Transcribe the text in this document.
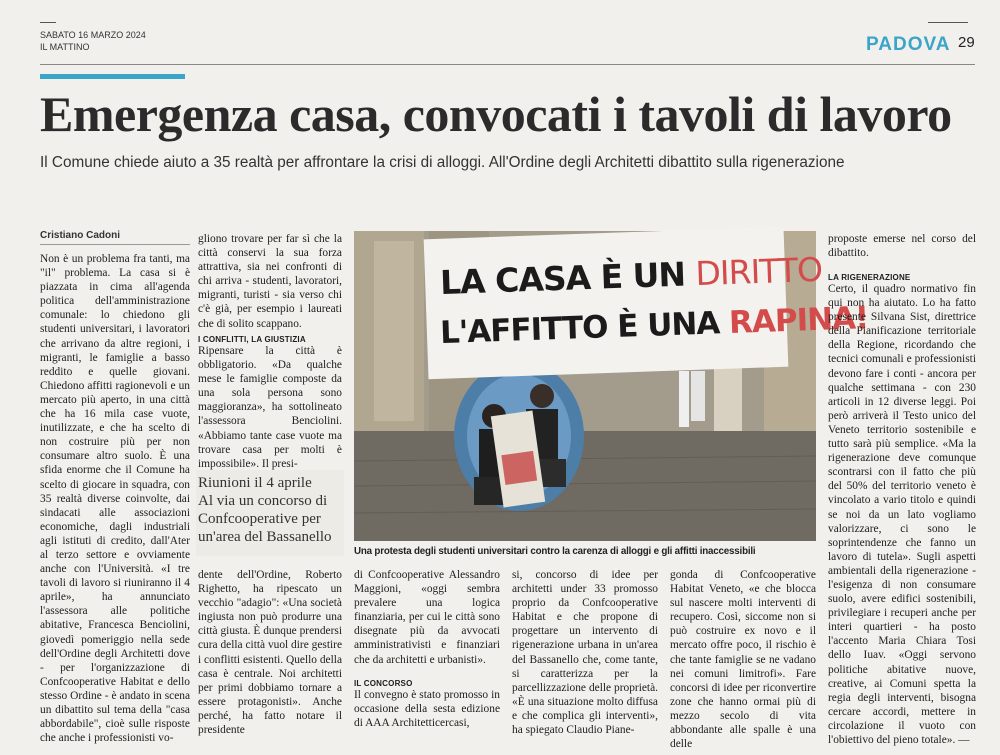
SABATO 16 MARZO 2024
IL MATTINO	PADOVA 29
Emergenza casa, convocati i tavoli di lavoro
Il Comune chiede aiuto a 35 realtà per affrontare la crisi di alloggi. All'Ordine degli Architetti dibattito sulla rigenerazione
Cristiano Cadoni

Non è un problema fra tanti, ma "il" problema. La casa si è piazzata in cima all'agenda politica dell'amministrazione comunale: lo chiedono gli studenti universitari, i lavoratori che arrivano da altre regioni, i migranti, le famiglie a basso reddito e quelle giovani. Chiedono affitti ragionevoli e un mercato più aperto, in una città che ha 16 mila case vuote, inutilizzate, e che ha scelto di non costruire più per non consumare altro suolo. È una sfida enorme che il Comune ha scelto di giocare in squadra, con 35 realtà diverse coinvolte, dai sindacati alle associazioni economiche, dagli industriali agli istituti di credito, dall'Ater al terzo settore e ovviamente anche con l'Università. «I tre tavoli di lavoro si riuniranno il 4 aprile», ha annunciato l'assessora alle politiche abitative, Francesca Benciolini, giovedì pomeriggio nella sede dell'Ordine degli Architetti dove - per l'organizzazione di Confcooperative Habitat e dello stesso Ordine - è andato in scena un dibattito sul tema della "casa abbordabile", cioè sulle risposte che anche i professionisti vo-

gliono trovare per far sì che la città conservi la sua forza attrattiva, sia nei confronti di chi arriva - studenti, lavoratori, migranti, turisti - sia verso chi c'è già, per esempio i laureati che di solito scappano.

I CONFLITTI, LA GIUSTIZIA

Ripensare la città è obbligatorio. «Da qualche mese le famiglie composte da una sola persona sono maggioranza», ha sottolineato l'assessora Benciolini. «Abbiamo tante case vuote ma trovare casa per molti è impossibile». Il presi-

Riunioni il 4 aprile
Al via un concorso di Confcooperative per un'area del Bassanello
LA CASA È UN DIRITTO
L'AFFITTO È UNA RAPINA!
Una protesta degli studenti universitari contro la carenza di alloggi e gli affitti inaccessibili

dente dell'Ordine, Roberto Righetto, ha ripescato un vecchio "adagio": «Una società ingiusta non può produrre una città giusta. È dunque prendersi cura della città vuol dire gestire i conflitti esistenti. Quello della casa è centrale. Noi architetti per primi dobbiamo tornare a essere protagonisti». Anche perché, ha fatto notare il presidente

di Confcooperative Alessandro Maggioni, «oggi sembra prevalere una logica finanziaria, per cui le città sono disegnate più da avvocati amministrativisti e finanziari che da architetti e urbanisti».

IL CONCORSO

Il convegno è stato promosso in occasione della sesta edizione di AAA Architetticercasi,

si, concorso di idee per architetti under 33 promosso proprio da Confcooperative Habitat e che propone di progettare un intervento di rigenerazione urbana in un'area del Bassanello che, come tante, si caratterizza per la parcellizzazione delle proprietà. «È una situazione molto diffusa e che complica gli interventi», ha spiegato Claudio Piane-

gonda di Confcooperative Habitat Veneto, «e che blocca sul nascere molti interventi di recupero. Così, siccome non si può costruire ex novo e il mercato offre poco, il rischio è che tante famiglie se ne vadano nei comuni limitrofi». Fare concorsi di idee per riconvertire zone che hanno ormai più di mezzo secolo di vita abbondante alle spalle è una delle

proposte emerse nel corso del dibattito.

LA RIGENERAZIONE

Certo, il quadro normativo fin qui non ha aiutato. Lo ha fatto presente Silvana Sist, direttrice della Pianificazione territoriale della Regione, ricordando che tecnici comunali e professionisti devono fare i conti - ancora per qualche settimana - con 230 articoli in 12 diverse leggi. Poi però arriverà il Testo unico del Veneto territorio sostenibile e tutto sarà più semplice. «Ma la rigenerazione deve comunque scontrarsi con il fatto che più del 50% del territorio veneto è vincolato a vario titolo e quindi se noi da un lato vogliamo valorizzare, ci sono le soprintendenze che fanno un lavoro di tutela». Sugli aspetti ambientali della rigenerazione - l'esigenza di non consumare suolo, avere edifici sostenibili, privilegiare i recuperi anche per interi quartieri - ha posto l'accento Maria Chiara Tosi dello Iuav. «Oggi servono politiche abitative nuove, creative, ai Comuni spetta la regia degli interventi, bisogna cercare accordi, mettere in circolazione il vuoto con l'obiettivo del pieno totale». —
